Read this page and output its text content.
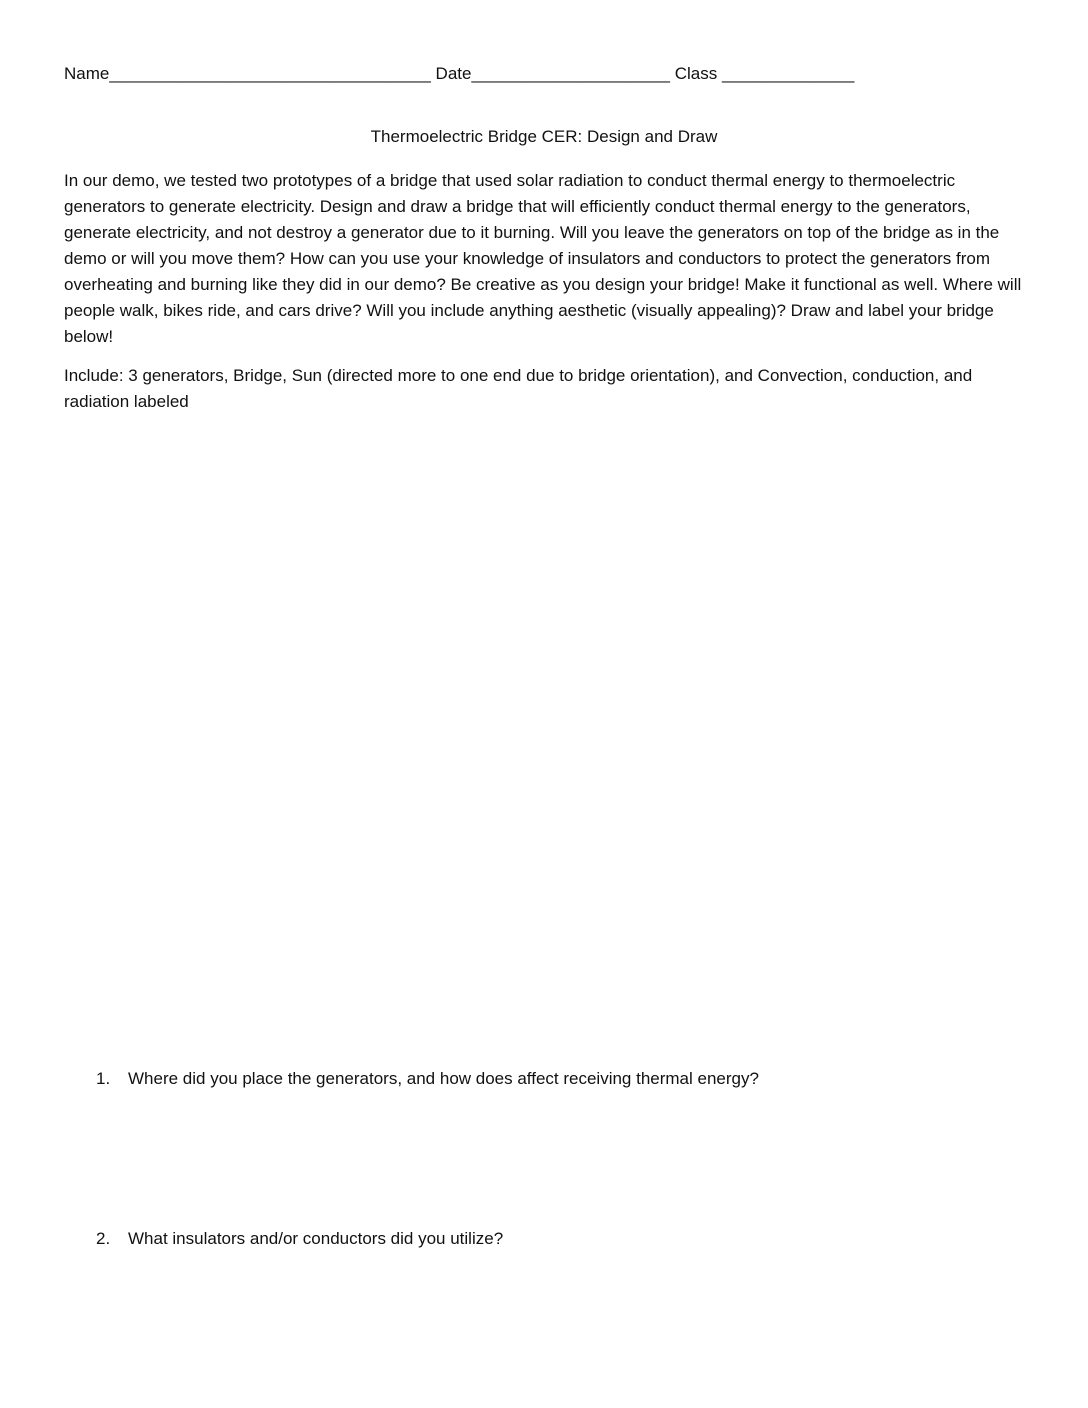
Name__________________________________ Date_____________________ Class ______________
Thermoelectric Bridge CER: Design and Draw

In our demo, we tested two prototypes of a bridge that used solar radiation to conduct thermal energy to thermoelectric generators to generate electricity. Design and draw a bridge that will efficiently conduct thermal energy to the generators, generate electricity, and not destroy a generator due to it burning. Will you leave the generators on top of the bridge as in the demo or will you move them? How can you use your knowledge of insulators and conductors to protect the generators from overheating and burning like they did in our demo? Be creative as you design your bridge! Make it functional as well. Where will people walk, bikes ride, and cars drive? Will you include anything aesthetic (visually appealing)? Draw and label your bridge below!

Include: 3 generators, Bridge, Sun (directed more to one end due to bridge orientation), and Convection, conduction, and radiation labeled

1. Where did you place the generators, and how does affect receiving thermal energy?
2. What insulators and/or conductors did you utilize?
